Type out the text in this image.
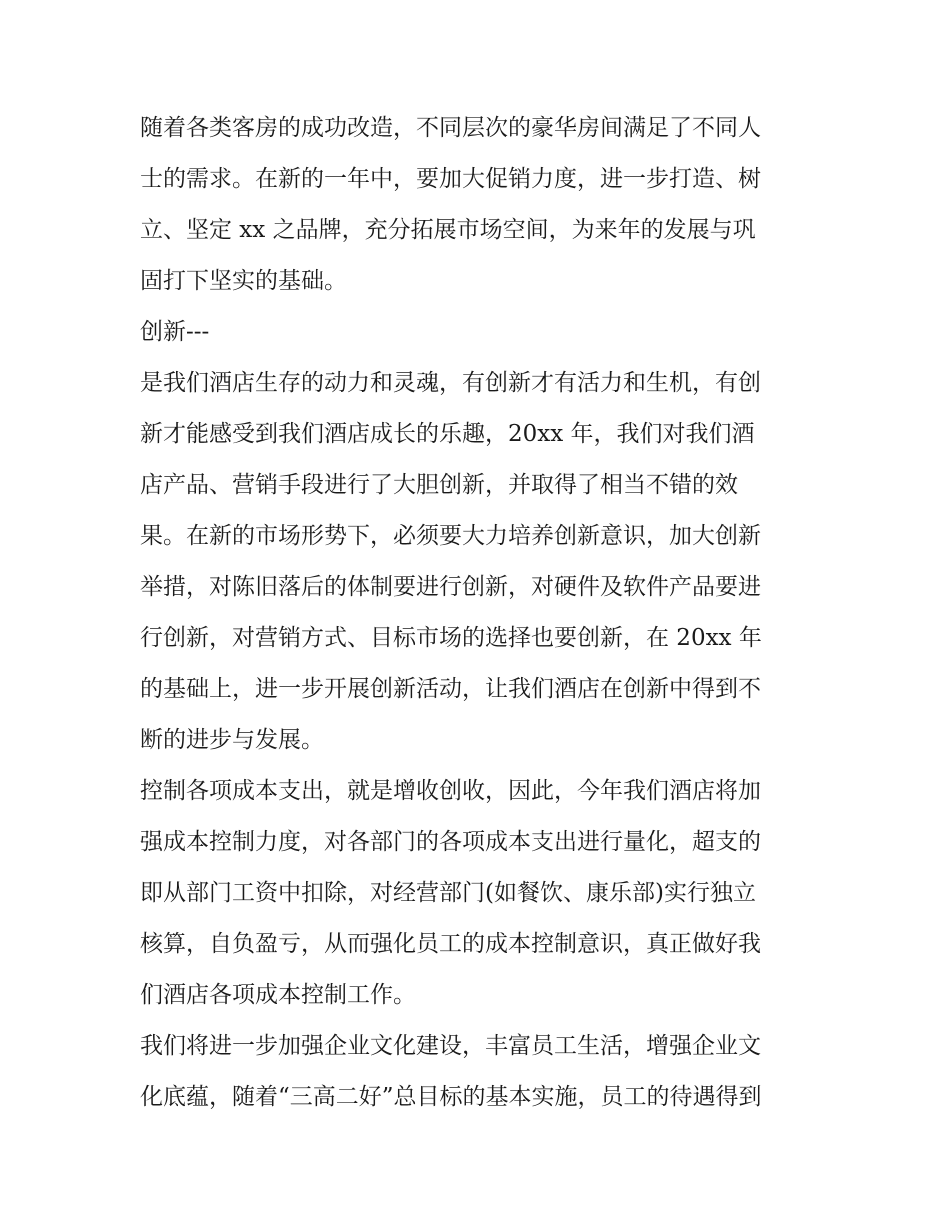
随着各类客房的成功改造，不同层次的豪华房间满足了不同人
士的需求。在新的一年中，要加大促销力度，进一步打造、树
立、坚定 xx 之品牌，充分拓展市场空间，为来年的发展与巩
固打下坚实的基础。
创新---
是我们酒店生存的动力和灵魂，有创新才有活力和生机，有创
新才能感受到我们酒店成长的乐趣，20xx 年，我们对我们酒
店产品、营销手段进行了大胆创新，并取得了相当不错的效
果。在新的市场形势下，必须要大力培养创新意识，加大创新
举措，对陈旧落后的体制要进行创新，对硬件及软件产品要进
行创新，对营销方式、目标市场的选择也要创新，在 20xx 年
的基础上，进一步开展创新活动，让我们酒店在创新中得到不
断的进步与发展。
控制各项成本支出，就是增收创收，因此，今年我们酒店将加
强成本控制力度，对各部门的各项成本支出进行量化，超支的
即从部门工资中扣除，对经营部门(如餐饮、康乐部)实行独立
核算，自负盈亏，从而强化员工的成本控制意识，真正做好我
们酒店各项成本控制工作。
我们将进一步加强企业文化建设，丰富员工生活，增强企业文
化底蕴，随着“三高二好”总目标的基本实施，员工的待遇得到
